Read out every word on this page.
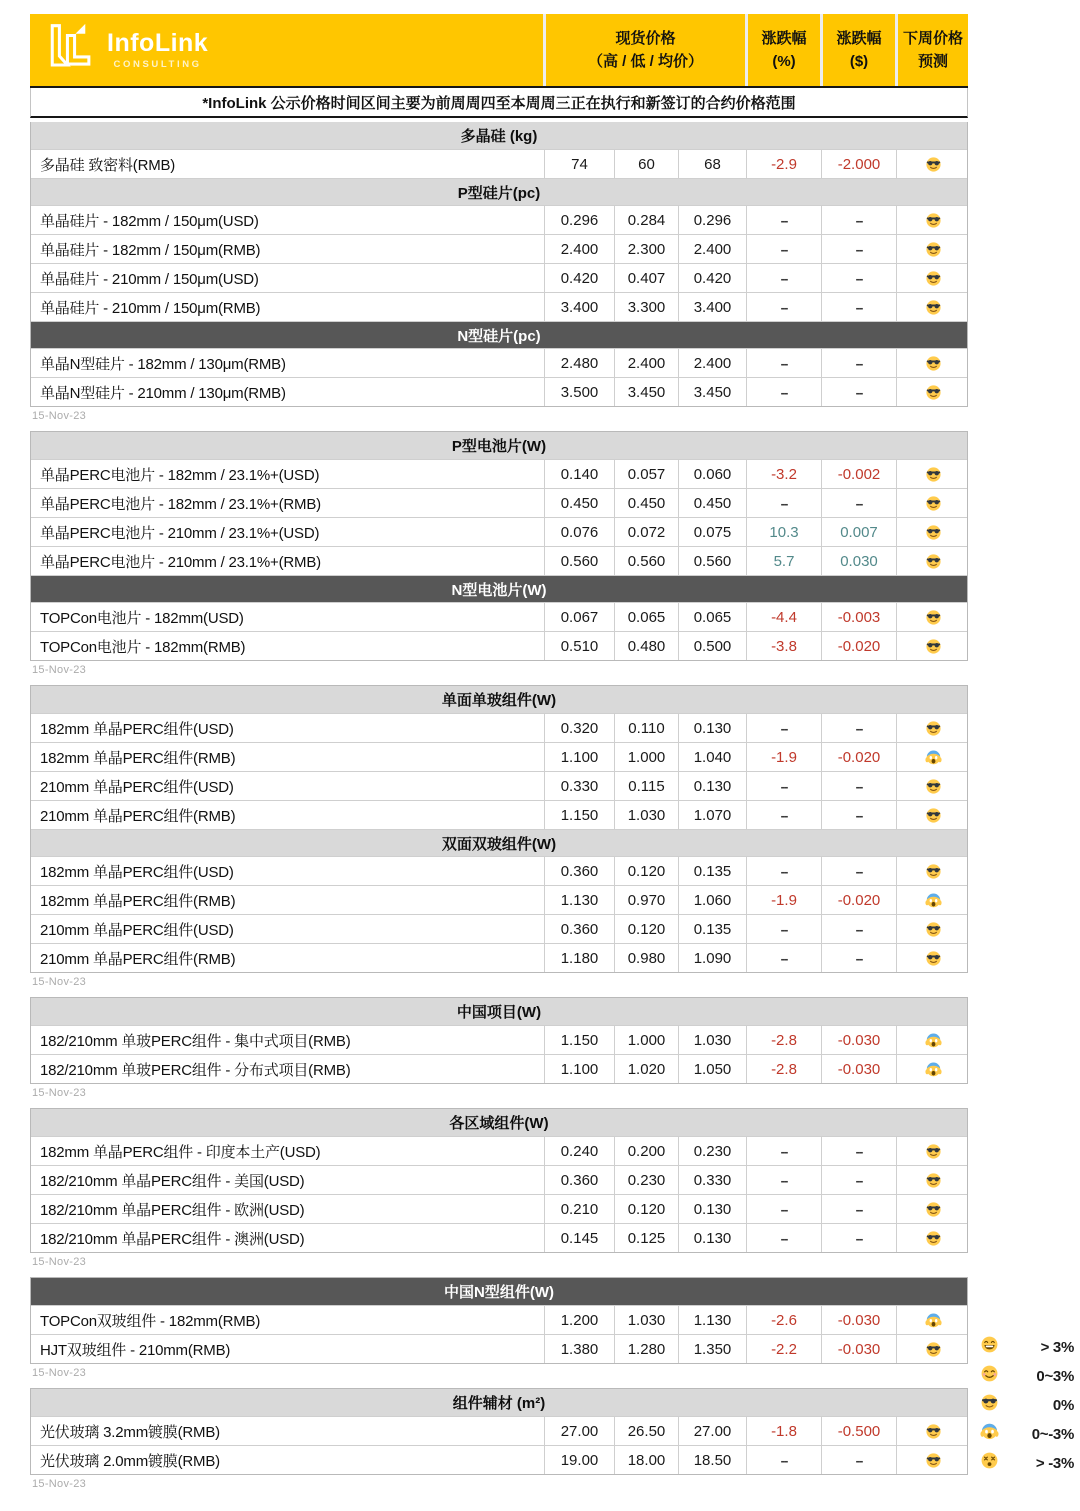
InfoLink
CONSULTING
现货价格
（高 / 低 / 均价）
涨跌幅
(%)
涨跌幅
($)
下周价格
预测
*InfoLink 公示价格时间区间主要为前周周四至本周周三正在执行和新签订的合约价格范围
多晶硅 (kg)
多晶硅 致密料(RMB)	74	60	68	-2.9	-2.000
P型硅片(pc)
单晶硅片 - 182mm / 150μm(USD)	0.296	0.284	0.296	--	--
单晶硅片 - 182mm / 150μm(RMB)	2.400	2.300	2.400	--	--
单晶硅片 - 210mm / 150μm(USD)	0.420	0.407	0.420	--	--
单晶硅片 - 210mm / 150μm(RMB)	3.400	3.300	3.400	--	--
N型硅片(pc)
单晶N型硅片 - 182mm / 130μm(RMB)	2.480	2.400	2.400	--	--
单晶N型硅片 - 210mm / 130μm(RMB)	3.500	3.450	3.450	--	--
15-Nov-23
P型电池片(W)
单晶PERC电池片 - 182mm / 23.1%+(USD)	0.140	0.057	0.060	-3.2	-0.002
单晶PERC电池片 - 182mm / 23.1%+(RMB)	0.450	0.450	0.450	--	--
单晶PERC电池片 - 210mm / 23.1%+(USD)	0.076	0.072	0.075	10.3	0.007
单晶PERC电池片 - 210mm / 23.1%+(RMB)	0.560	0.560	0.560	5.7	0.030
N型电池片(W)
TOPCon电池片 - 182mm(USD)	0.067	0.065	0.065	-4.4	-0.003
TOPCon电池片 - 182mm(RMB)	0.510	0.480	0.500	-3.8	-0.020
15-Nov-23
单面单玻组件(W)
182mm 单晶PERC组件(USD)	0.320	0.110	0.130	--	--
182mm 单晶PERC组件(RMB)	1.100	1.000	1.040	-1.9	-0.020
210mm 单晶PERC组件(USD)	0.330	0.115	0.130	--	--
210mm 单晶PERC组件(RMB)	1.150	1.030	1.070	--	--
双面双玻组件(W)
182mm 单晶PERC组件(USD)	0.360	0.120	0.135	--	--
182mm 单晶PERC组件(RMB)	1.130	0.970	1.060	-1.9	-0.020
210mm 单晶PERC组件(USD)	0.360	0.120	0.135	--	--
210mm 单晶PERC组件(RMB)	1.180	0.980	1.090	--	--
15-Nov-23
中国项目(W)
182/210mm 单玻PERC组件 - 集中式项目(RMB)	1.150	1.000	1.030	-2.8	-0.030
182/210mm 单玻PERC组件 - 分布式项目(RMB)	1.100	1.020	1.050	-2.8	-0.030
15-Nov-23
各区域组件(W)
182mm 单晶PERC组件 - 印度本土产(USD)	0.240	0.200	0.230	--	--
182/210mm 单晶PERC组件 - 美国(USD)	0.360	0.230	0.330	--	--
182/210mm 单晶PERC组件 - 欧洲(USD)	0.210	0.120	0.130	--	--
182/210mm 单晶PERC组件 - 澳洲(USD)	0.145	0.125	0.130	--	--
15-Nov-23
中国N型组件(W)
TOPCon双玻组件 - 182mm(RMB)	1.200	1.030	1.130	-2.6	-0.030
HJT双玻组件 - 210mm(RMB)	1.380	1.280	1.350	-2.2	-0.030
15-Nov-23
组件辅材 (m²)
光伏玻璃 3.2mm镀膜(RMB)	27.00	26.50	27.00	-1.8	-0.500
光伏玻璃 2.0mm镀膜(RMB)	19.00	18.00	18.50	--	--
15-Nov-23
> 3%
0~3%
0%
0~-3%
> -3%
